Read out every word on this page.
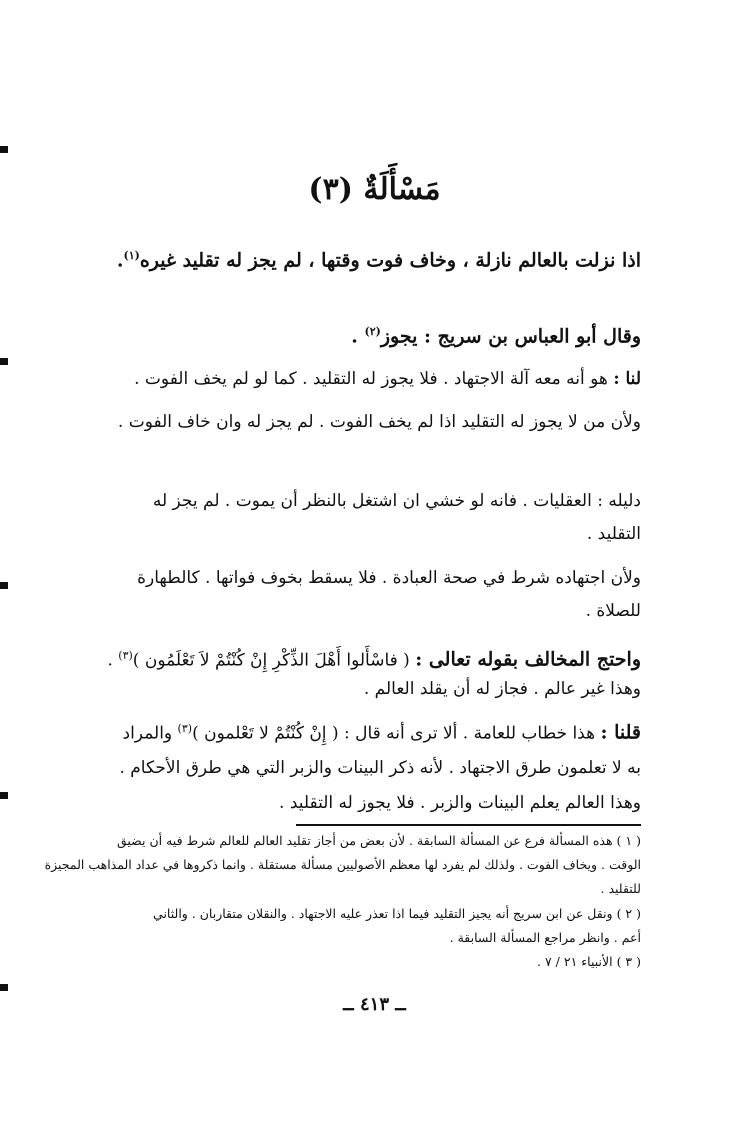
مَسْأَلَةٌ (٣)
اذا نزلت بالعالم نازلة ، وخاف فوت وقتها ، لم يجز له تقليد غيره$^{(١)}$.
وقال أبو العباس بن سريج : يجوز$^{(٢)}$ .
لنا : هو أنه معه آلة الاجتهاد . فلا يجوز له التقليد . كما لو لم يخف الفوت .
ولأن من لا يجوز له التقليد اذا لم يخف الفوت . لم يجز له وان خاف الفوت .
دليله : العقليات . فانه لو خشي ان اشتغل بالنظر أن يموت . لم يجز له
التقليد .
ولأن اجتهاده شرط في صحة العبادة . فلا يسقط بخوف فواتها . كالطهارة
للصلاة .
واحتج المخالف بقوله تعالى : ( فاسْأَلوا أَهْلَ الذِّكْرِ إِنْ كُنْتُمْ لاَ تَعْلَمُون )$^{(٣)}$ .
وهذا غير عالم . فجاز له أن يقلد العالم .
قلنا : هذا خطاب للعامة . ألا ترى أنه قال : ( إِنْ كُنْتُمْ لا تَعْلمون )$^{(٣)}$ والمراد
به لا تعلمون طرق الاجتهاد . لأنه ذكر البينات والزبر التي هي طرق الأحكام .
وهذا العالم يعلم البينات والزبر . فلا يجوز له التقليد .
( ١ ) هذه المسألة فرع عن المسألة السابقة . لأن بعض من أجاز تقليد العالم للعالم شرط فيه أن يضيق
الوقت . ويخاف الفوت . ولذلك لم يفرد لها معظم الأصوليين مسألة مستقلة . وانما ذكروها في عداد المذاهب المجيزة
للتقليد .
( ٢ ) ونقل عن ابن سريج أنه يجيز التقليد فيما اذا تعذر عليه الاجتهاد . والنقلان متقاربان . والثاني
أعم . وانظر مراجع المسألة السابقة .
( ٣ ) الأنبياء ٢١ / ٧ .
ــ ٤١٣ ــ
